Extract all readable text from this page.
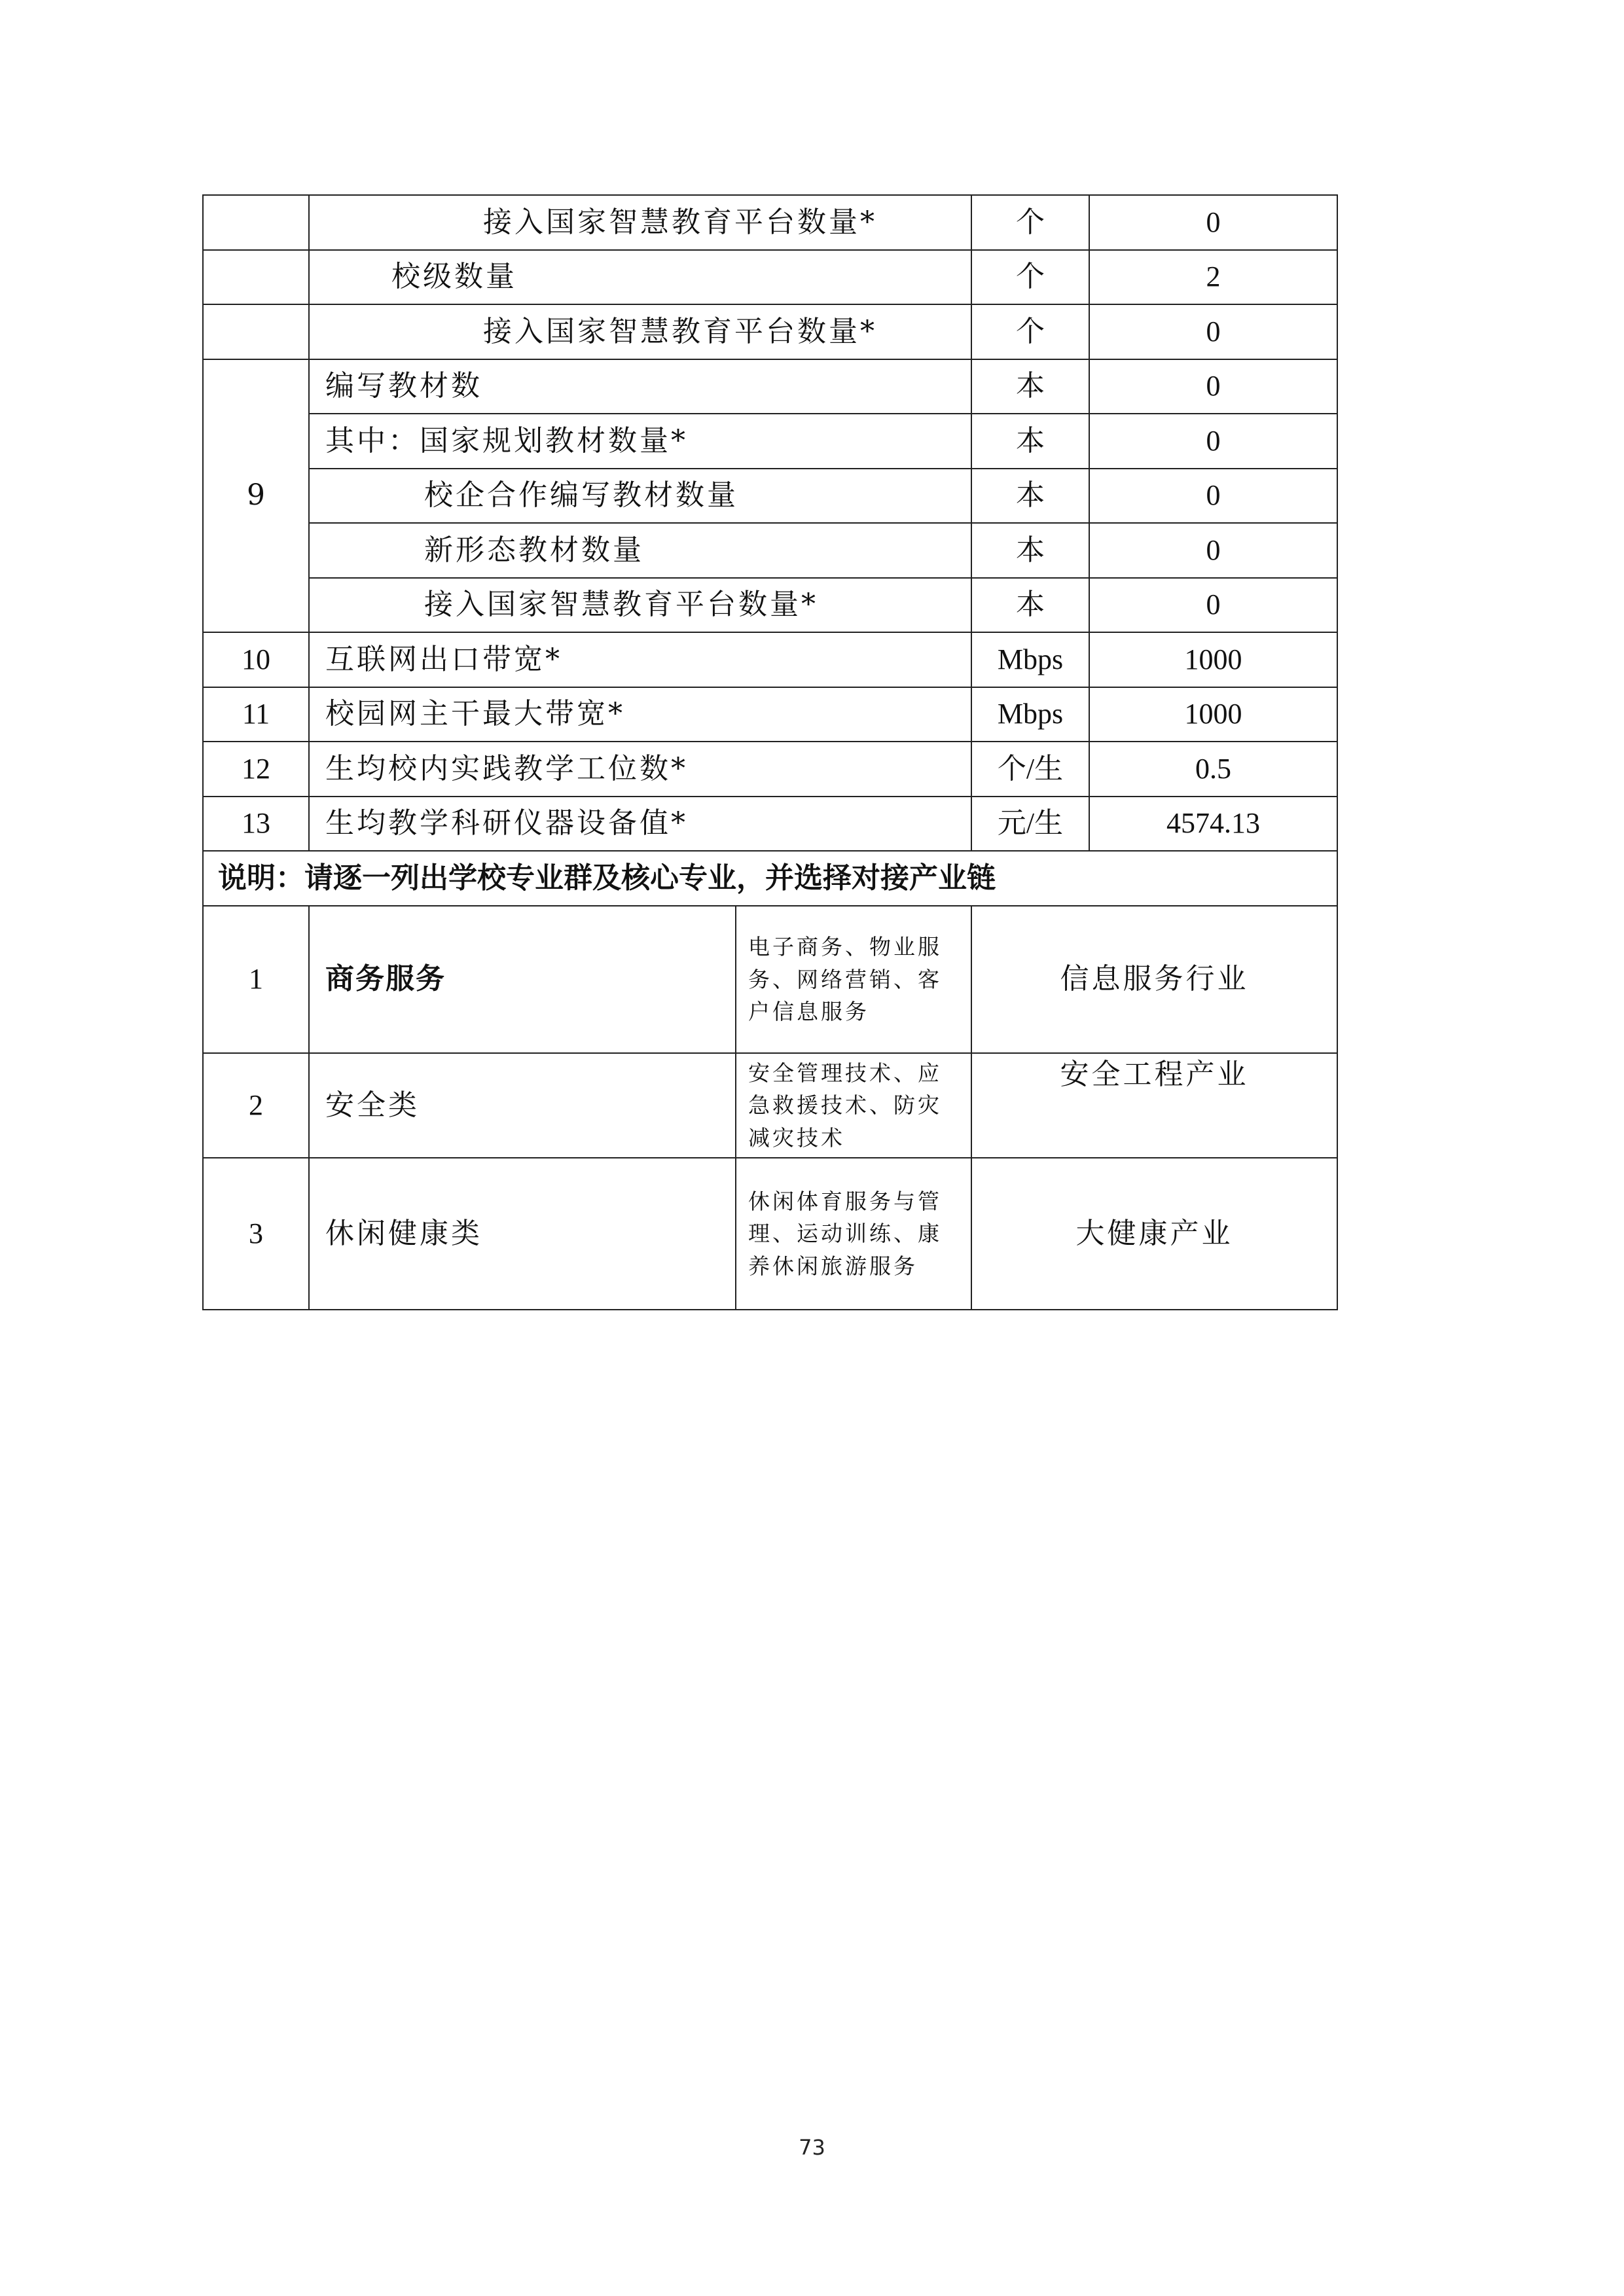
	接入国家智慧教育平台数量*		个	0
	校级数量		个	2
	接入国家智慧教育平台数量*		个	0
9	编写教材数		本	0
	其中：国家规划教材数量*		本	0
	校企合作编写教材数量		本	0
	新形态教材数量		本	0
	接入国家智慧教育平台数量*		本	0
10	互联网出口带宽*		Mbps	1000
11	校园网主干最大带宽*		Mbps	1000
12	生均校内实践教学工位数*		个/生	0.5
13	生均教学科研仪器设备值*		元/生	4574.13
说明：请逐一列出学校专业群及核心专业，并选择对接产业链				
1	商务服务	电子商务、物业服务、网络营销、客户信息服务	信息服务行业	
2	安全类	安全管理技术、应急救援技术、防灾减灾技术	安全工程产业	
3	休闲健康类	休闲体育服务与管理、运动训练、康养休闲旅游服务	大健康产业	
73
